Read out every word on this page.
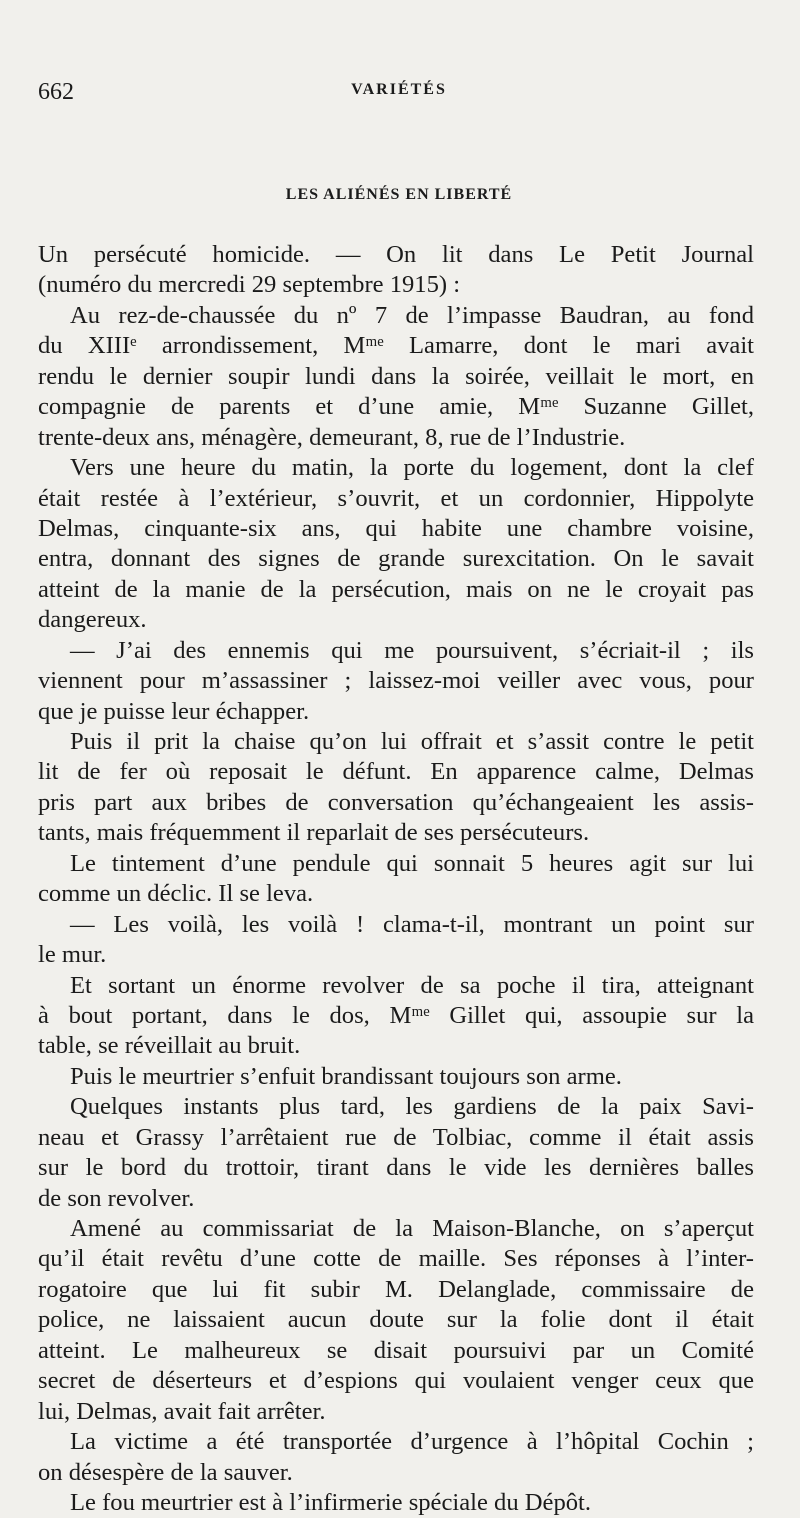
662	VARIÉTÉS
LES ALIÉNÉS EN LIBERTÉ
Un persécuté homicide. — On lit dans Le Petit Journal
(numéro du mercredi 29 septembre 1915) :
Au rez-de-chaussée du nº 7 de l’impasse Baudran, au fond
du XIIIᵉ arrondissement, Mᵐᵉ Lamarre, dont le mari avait
rendu le dernier soupir lundi dans la soirée, veillait le mort, en
compagnie de parents et d’une amie, Mᵐᵉ Suzanne Gillet,
trente-deux ans, ménagère, demeurant, 8, rue de l’Industrie.
Vers une heure du matin, la porte du logement, dont la clef
était restée à l’extérieur, s’ouvrit, et un cordonnier, Hippolyte
Delmas, cinquante-six ans, qui habite une chambre voisine,
entra, donnant des signes de grande surexcitation. On le savait
atteint de la manie de la persécution, mais on ne le croyait pas
dangereux.
— J’ai des ennemis qui me poursuivent, s’écriait-il ; ils
viennent pour m’assassiner ; laissez-moi veiller avec vous, pour
que je puisse leur échapper.
Puis il prit la chaise qu’on lui offrait et s’assit contre le petit
lit de fer où reposait le défunt. En apparence calme, Delmas
pris part aux bribes de conversation qu’échangeaient les assis-
tants, mais fréquemment il reparlait de ses persécuteurs.
Le tintement d’une pendule qui sonnait 5 heures agit sur lui
comme un déclic. Il se leva.
— Les voilà, les voilà ! clama-t-il, montrant un point sur
le mur.
Et sortant un énorme revolver de sa poche il tira, atteignant
à bout portant, dans le dos, Mᵐᵉ Gillet qui, assoupie sur la
table, se réveillait au bruit.
Puis le meurtrier s’enfuit brandissant toujours son arme.
Quelques instants plus tard, les gardiens de la paix Savi-
neau et Grassy l’arrêtaient rue de Tolbiac, comme il était assis
sur le bord du trottoir, tirant dans le vide les dernières balles
de son revolver.
Amené au commissariat de la Maison-Blanche, on s’aperçut
qu’il était revêtu d’une cotte de maille. Ses réponses à l’inter-
rogatoire que lui fit subir M. Delanglade, commissaire de
police, ne laissaient aucun doute sur la folie dont il était
atteint. Le malheureux se disait poursuivi par un Comité
secret de déserteurs et d’espions qui voulaient venger ceux que
lui, Delmas, avait fait arrêter.
La victime a été transportée d’urgence à l’hôpital Cochin ;
on désespère de la sauver.
Le fou meurtrier est à l’infirmerie spéciale du Dépôt.
